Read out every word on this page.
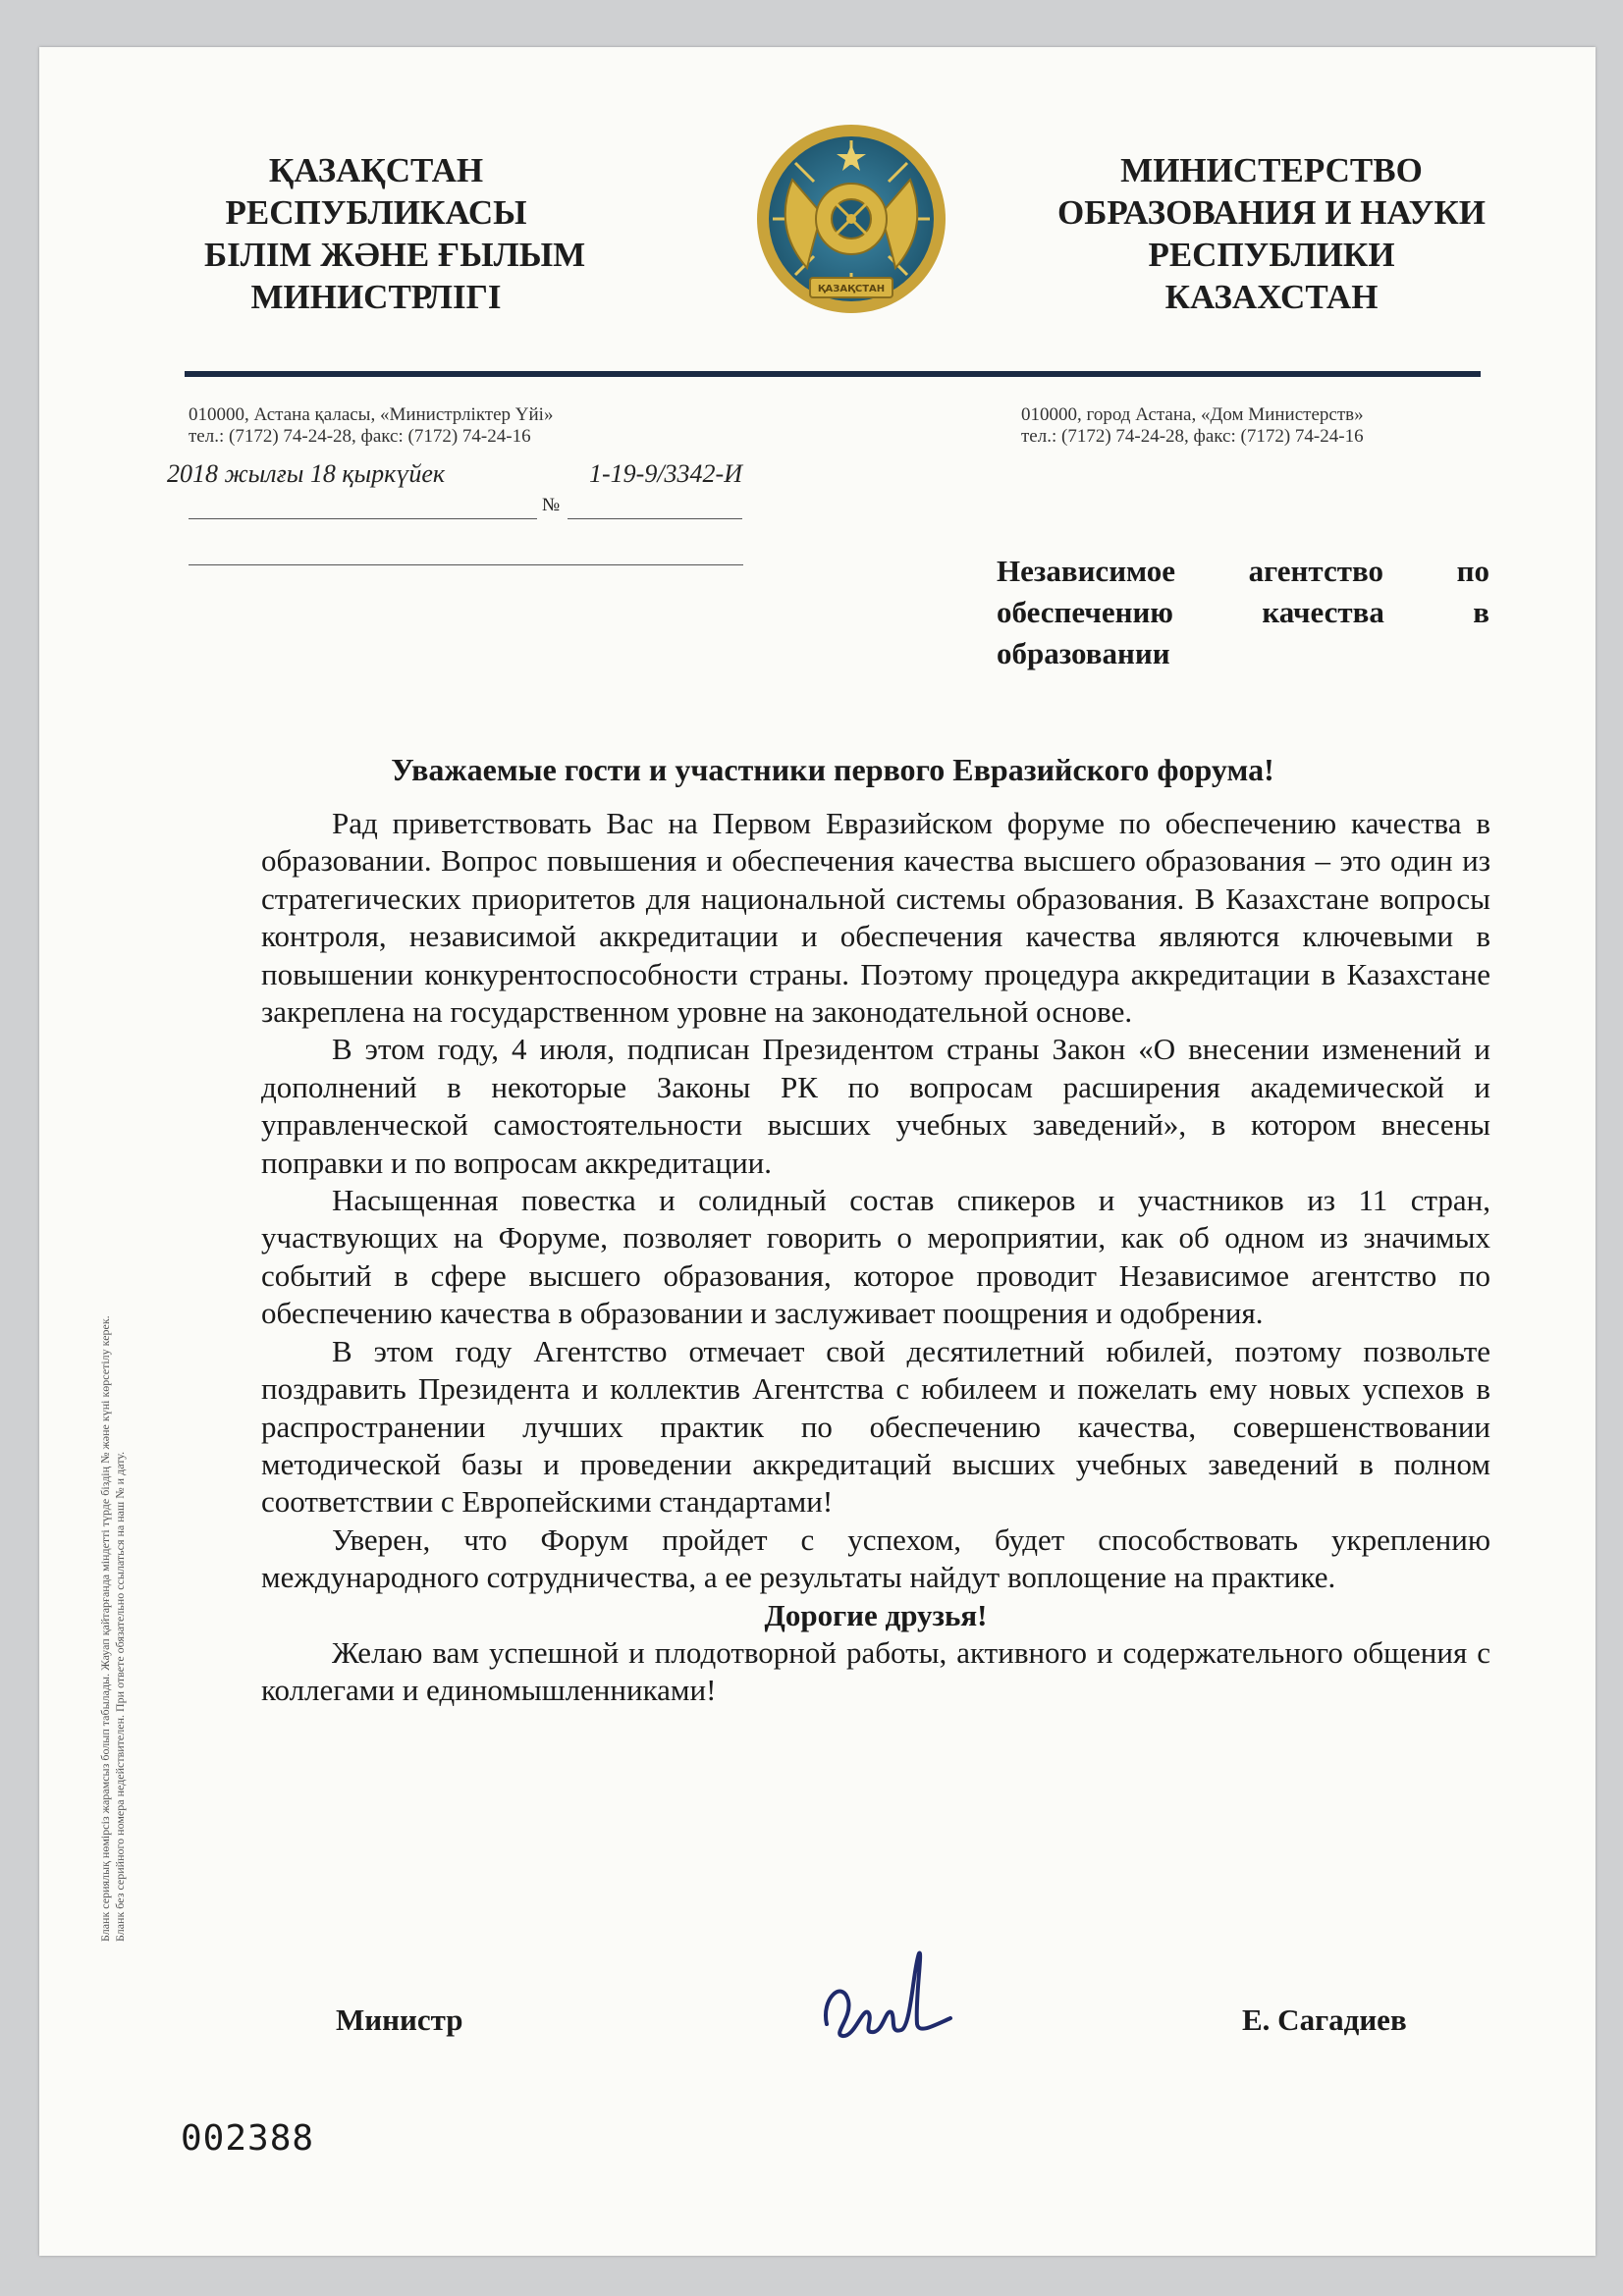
ҚАЗАҚСТАН
РЕСПУБЛИКАСЫ
БІЛІМ ЖӘНЕ ҒЫЛЫМ
МИНИСТРЛІГІ	ҚАЗАҚСТАН
МИНИСТЕРСТВО
ОБРАЗОВАНИЯ И НАУКИ
РЕСПУБЛИКИ
КАЗАХСТАН
010000, Астана қаласы, «Министрліктер Үйі»
тел.: (7172) 74-24-28, факс: (7172) 74-24-16
010000, город Астана, «Дом Министерств»
тел.: (7172) 74-24-28, факс: (7172) 74-24-16
2018 жылғы 18 қыркүйек	1-19-9/3342-И
№
Независимое агентство по
обеспечению качества в
образовании
Уважаемые гости и участники первого Евразийского форума!

Рад приветствовать Вас на Первом Евразийском форуме по обеспечению качества в образовании. Вопрос повышения и обеспечения качества высшего образования – это один из стратегических приоритетов для национальной системы образования. В Казахстане вопросы контроля, независимой аккредитации и обеспечения качества являются ключевыми в повышении конкурентоспособности страны. Поэтому процедура аккредитации в Казахстане закреплена на государственном уровне на законодательной основе.

В этом году, 4 июля, подписан Президентом страны Закон «О внесении изменений и дополнений в некоторые Законы РК по вопросам расширения академической и управленческой самостоятельности высших учебных заведений», в котором внесены поправки и по вопросам аккредитации.

Насыщенная повестка и солидный состав спикеров и участников из 11 стран, участвующих на Форуме, позволяет говорить о мероприятии, как об одном из значимых событий в сфере высшего образования, которое проводит Независимое агентство по обеспечению качества в образовании и заслуживает поощрения и одобрения.

В этом году Агентство отмечает свой десятилетний юбилей, поэтому позвольте поздравить Президента и коллектив Агентства с юбилеем и пожелать ему новых успехов в распространении лучших практик по обеспечению качества, совершенствовании методической базы и проведении аккредитаций высших учебных заведений в полном соответствии с Европейскими стандартами!

Уверен, что Форум пройдет с успехом, будет способствовать укреплению международного сотрудничества, а ее результаты найдут воплощение на практике.

Дорогие друзья!

Желаю вам успешной и плодотворной работы, активного и содержательного общения с коллегами и единомышленниками!

Министр	Е. Сагадиев
002388
Бланк сериялық нөмірсіз жарамсыз болып табылады. Жауап қайтарғанда міндетті түрде біздің № және күні көрсетілу керек. Бланк без серийного номера недействителен. При ответе обязательно ссылаться на наш № и дату.
